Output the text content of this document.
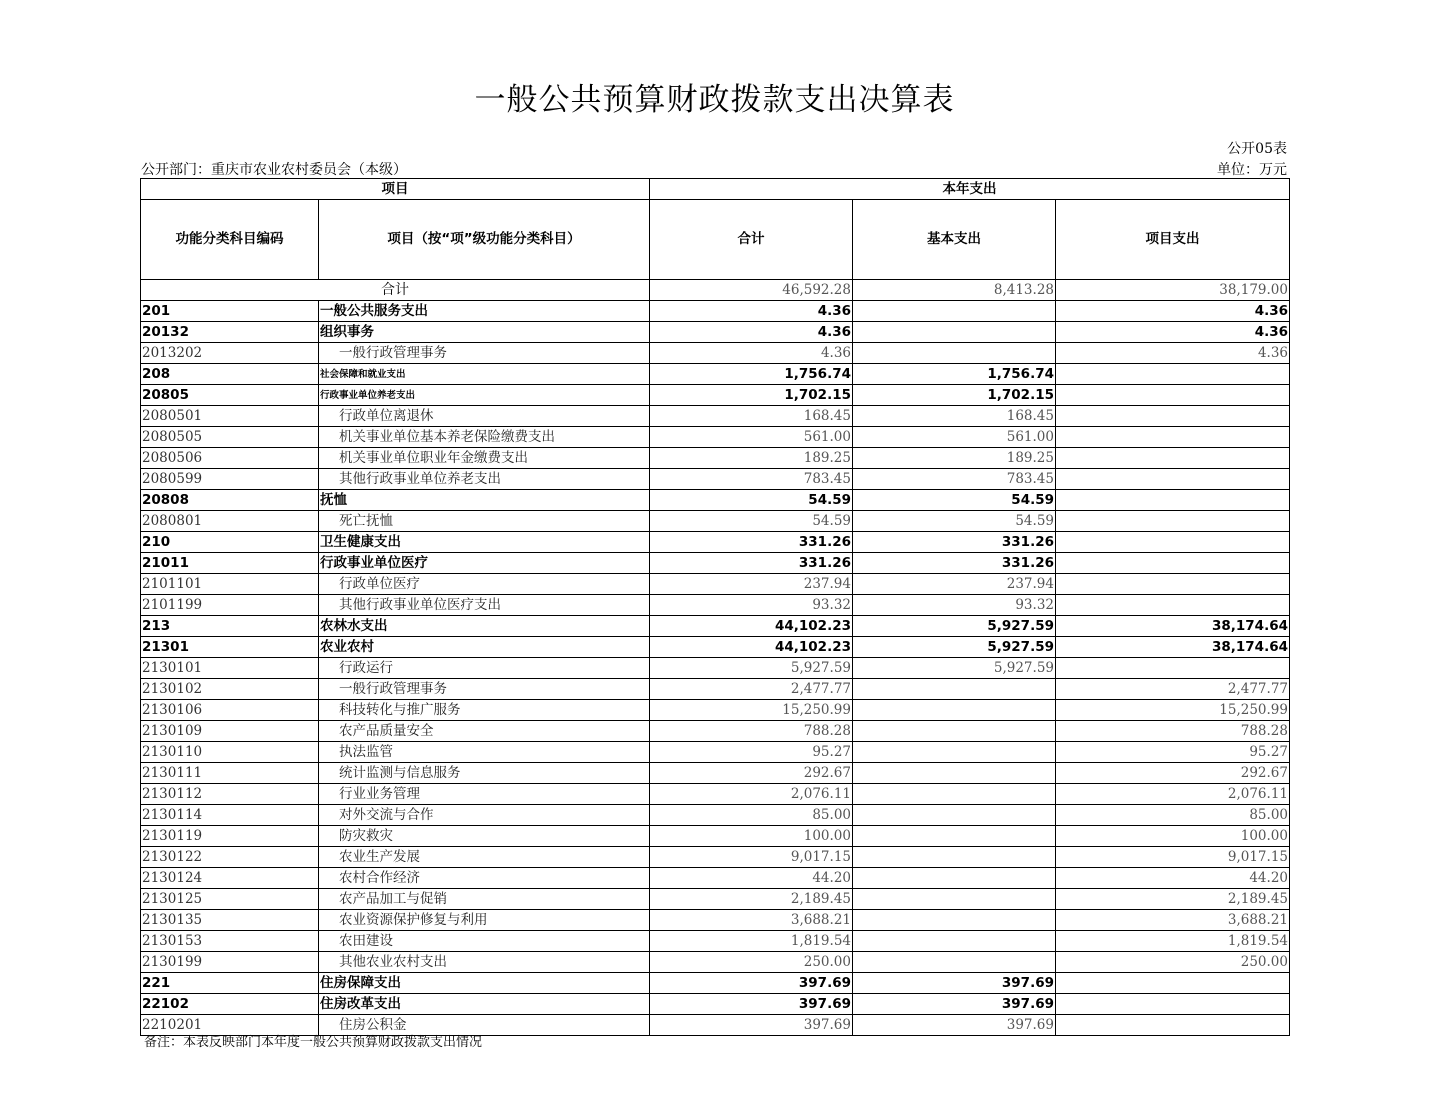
一般公共预算财政拨款支出决算表
公开05表
公开部门：重庆市农业农村委员会（本级）	单位：万元
项目		本年支出		
功能分类科目编码	项目（按“项”级功能分类科目）	合计	基本支出	项目支出
合计		46,592.28	8,413.28	38,179.00
201	一般公共服务支出	4.36		4.36
20132	组织事务	4.36		4.36
2013202	一般行政管理事务	4.36		4.36
208	社会保障和就业支出	1,756.74	1,756.74	
20805	行政事业单位养老支出	1,702.15	1,702.15	
2080501	行政单位离退休	168.45	168.45	
2080505	机关事业单位基本养老保险缴费支出	561.00	561.00	
2080506	机关事业单位职业年金缴费支出	189.25	189.25	
2080599	其他行政事业单位养老支出	783.45	783.45	
20808	抚恤	54.59	54.59	
2080801	死亡抚恤	54.59	54.59	
210	卫生健康支出	331.26	331.26	
21011	行政事业单位医疗	331.26	331.26	
2101101	行政单位医疗	237.94	237.94	
2101199	其他行政事业单位医疗支出	93.32	93.32	
213	农林水支出	44,102.23	5,927.59	38,174.64
21301	农业农村	44,102.23	5,927.59	38,174.64
2130101	行政运行	5,927.59	5,927.59	
2130102	一般行政管理事务	2,477.77		2,477.77
2130106	科技转化与推广服务	15,250.99		15,250.99
2130109	农产品质量安全	788.28		788.28
2130110	执法监管	95.27		95.27
2130111	统计监测与信息服务	292.67		292.67
2130112	行业业务管理	2,076.11		2,076.11
2130114	对外交流与合作	85.00		85.00
2130119	防灾救灾	100.00		100.00
2130122	农业生产发展	9,017.15		9,017.15
2130124	农村合作经济	44.20		44.20
2130125	农产品加工与促销	2,189.45		2,189.45
2130135	农业资源保护修复与利用	3,688.21		3,688.21
2130153	农田建设	1,819.54		1,819.54
2130199	其他农业农村支出	250.00		250.00
221	住房保障支出	397.69	397.69	
22102	住房改革支出	397.69	397.69	
2210201	住房公积金	397.69	397.69	
备注：本表反映部门本年度一般公共预算财政拨款支出情况
